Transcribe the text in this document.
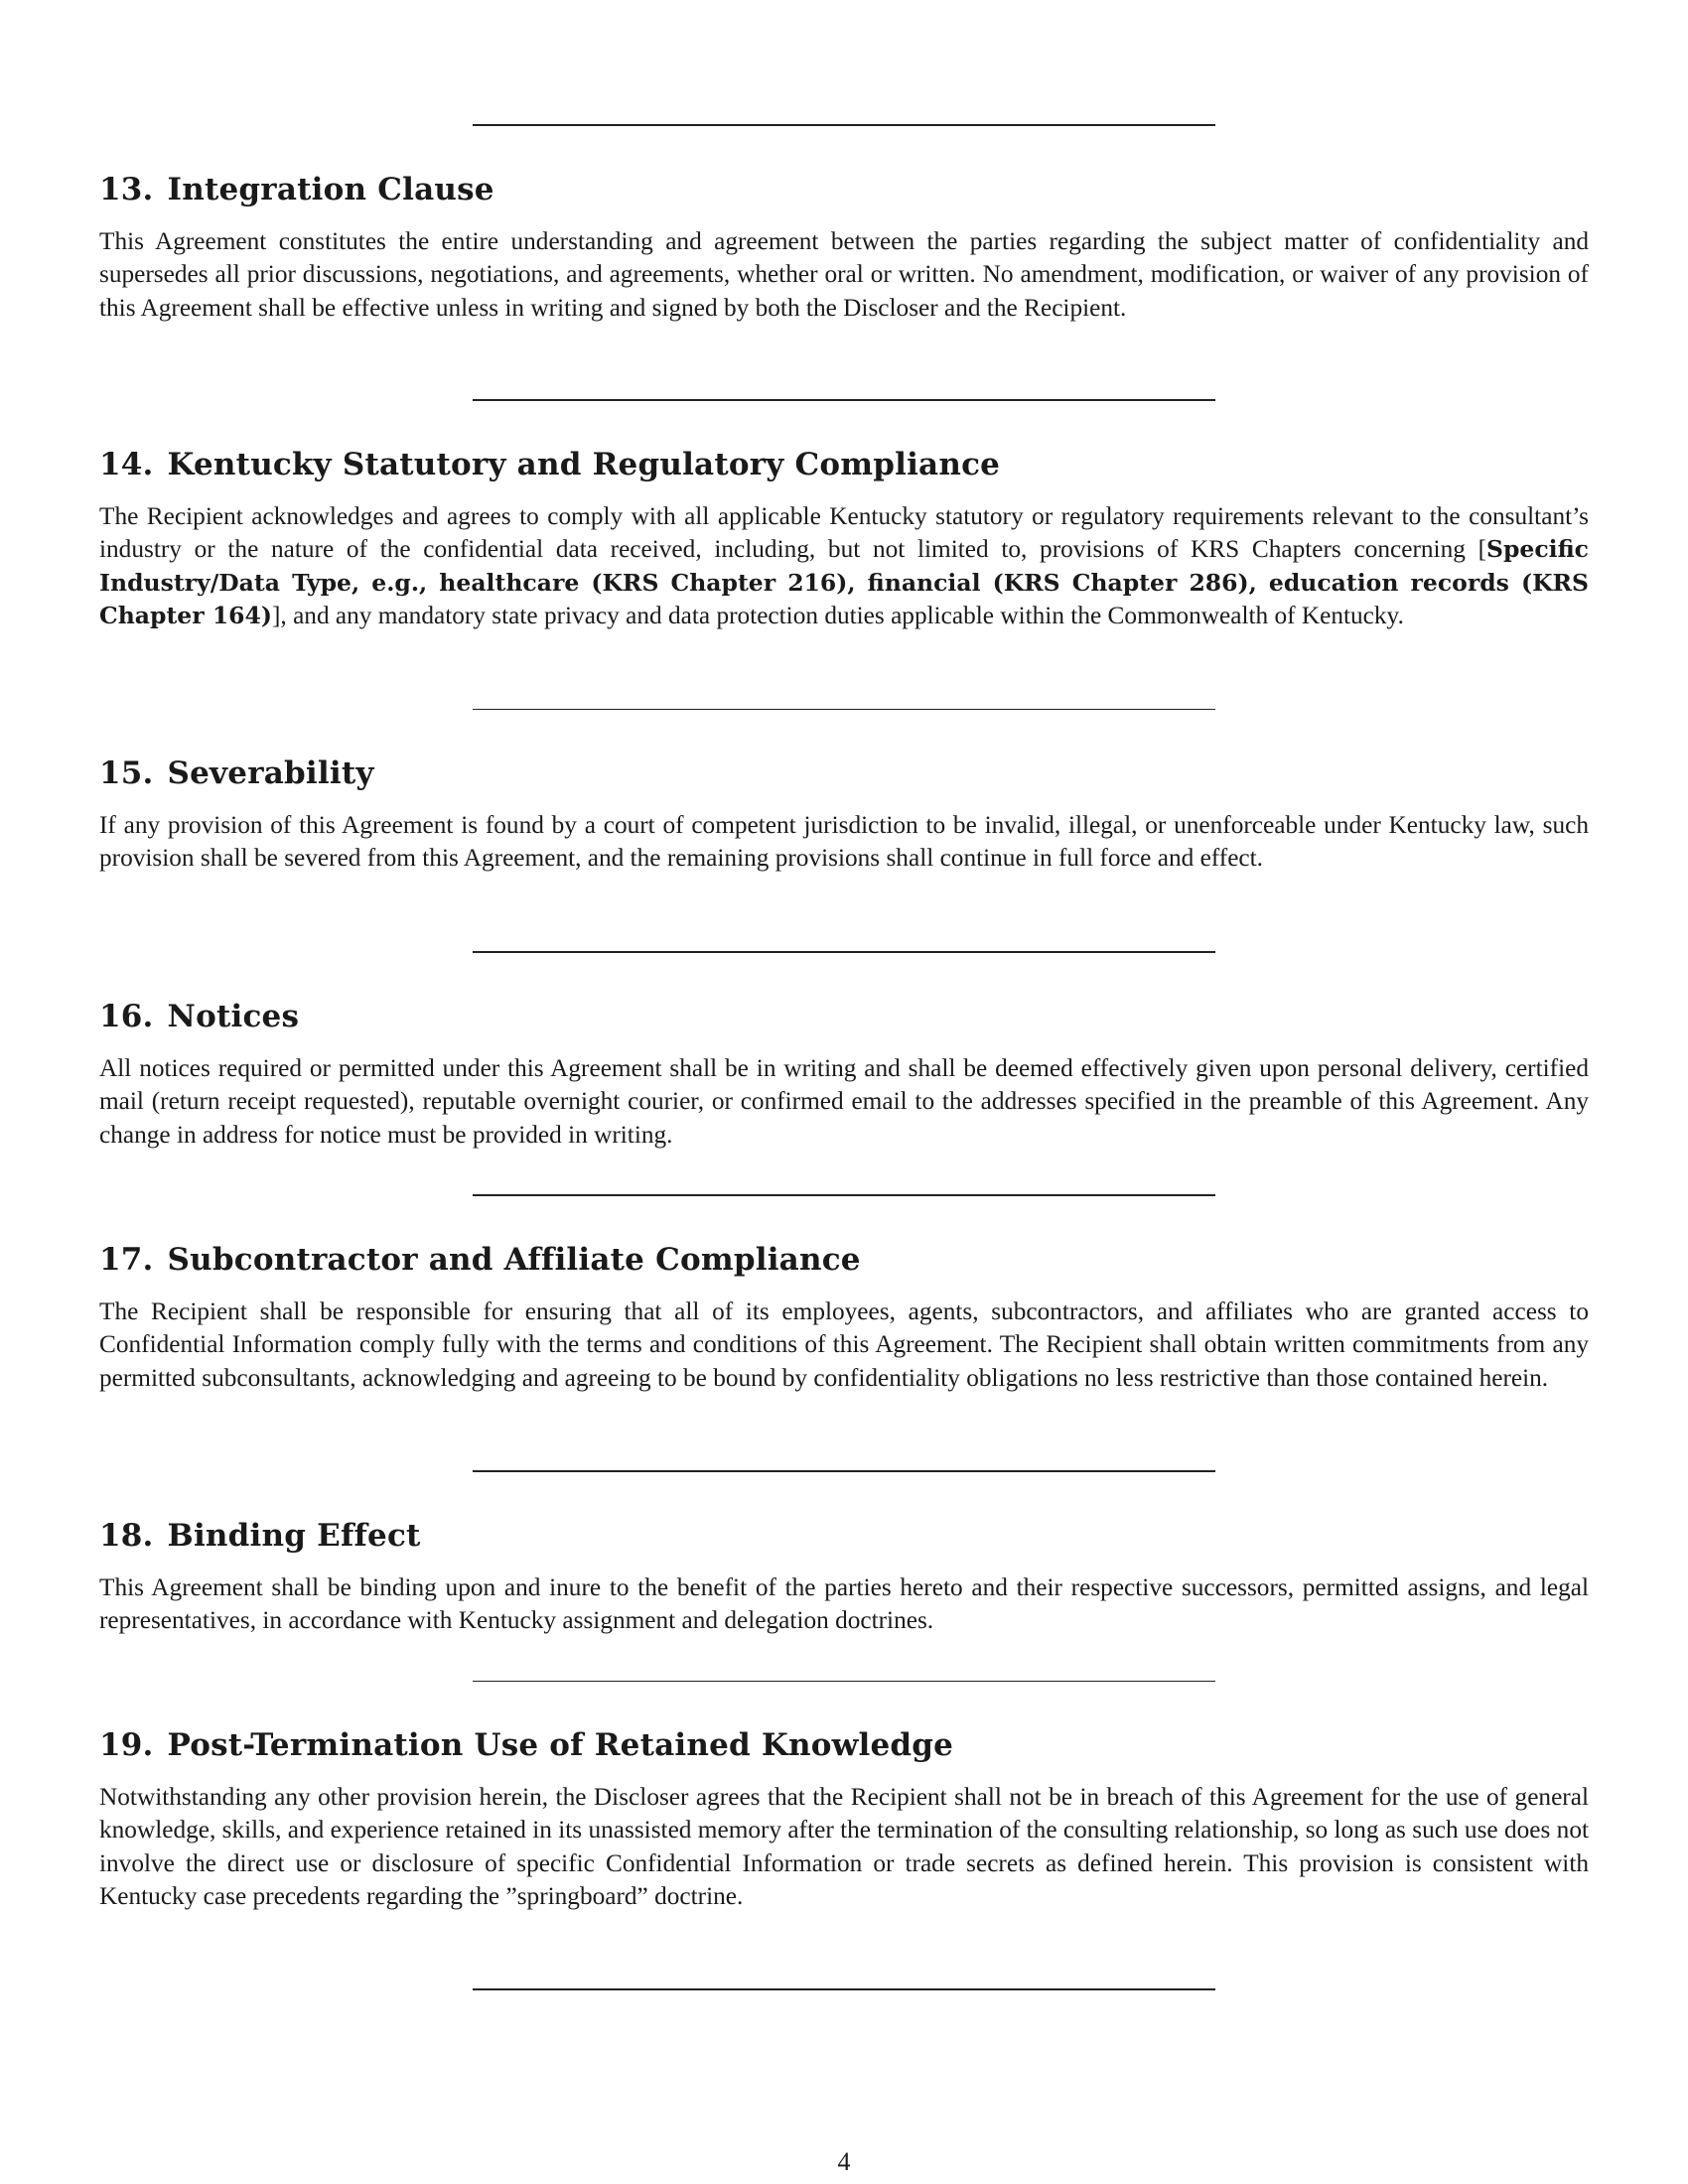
13. Integration Clause

This Agreement constitutes the entire understanding and agreement between the parties regarding the subject matter of confidentiality and supersedes all prior discussions, negotiations, and agreements, whether oral or written. No amendment, modification, or waiver of any provision of this Agreement shall be effective unless in writing and signed by both the Discloser and the Recipient.

14. Kentucky Statutory and Regulatory Compliance

The Recipient acknowledges and agrees to comply with all applicable Kentucky statutory or regulatory requirements relevant to the consultant’s industry or the nature of the confidential data received, including, but not limited to, provisions of KRS Chapters concerning [Specific Industry/Data Type, e.g., healthcare (KRS Chapter 216), financial (KRS Chapter 286), education records (KRS Chapter 164)], and any mandatory state privacy and data protection duties applicable within the Commonwealth of Kentucky.

15. Severability

If any provision of this Agreement is found by a court of competent jurisdiction to be invalid, illegal, or unenforceable under Kentucky law, such provision shall be severed from this Agreement, and the remaining provisions shall continue in full force and effect.

16. Notices

All notices required or permitted under this Agreement shall be in writing and shall be deemed effectively given upon personal delivery, certified mail (return receipt requested), reputable overnight courier, or confirmed email to the addresses specified in the preamble of this Agreement. Any change in address for notice must be provided in writing.

17. Subcontractor and Affiliate Compliance

The Recipient shall be responsible for ensuring that all of its employees, agents, subcontractors, and affiliates who are granted access to Confidential Information comply fully with the terms and conditions of this Agreement. The Recipient shall obtain written commitments from any permitted subconsultants, acknowledging and agreeing to be bound by confidentiality obligations no less restrictive than those contained herein.

18. Binding Effect

This Agreement shall be binding upon and inure to the benefit of the parties hereto and their respective successors, permitted assigns, and legal representatives, in accordance with Kentucky assignment and delegation doctrines.

19. Post-Termination Use of Retained Knowledge

Notwithstanding any other provision herein, the Discloser agrees that the Recipient shall not be in breach of this Agreement for the use of general knowledge, skills, and experience retained in its unassisted memory after the termination of the consulting relationship, so long as such use does not involve the direct use or disclosure of specific Confidential Information or trade secrets as defined herein. This provision is consistent with Kentucky case precedents regarding the ”springboard” doctrine.

4
